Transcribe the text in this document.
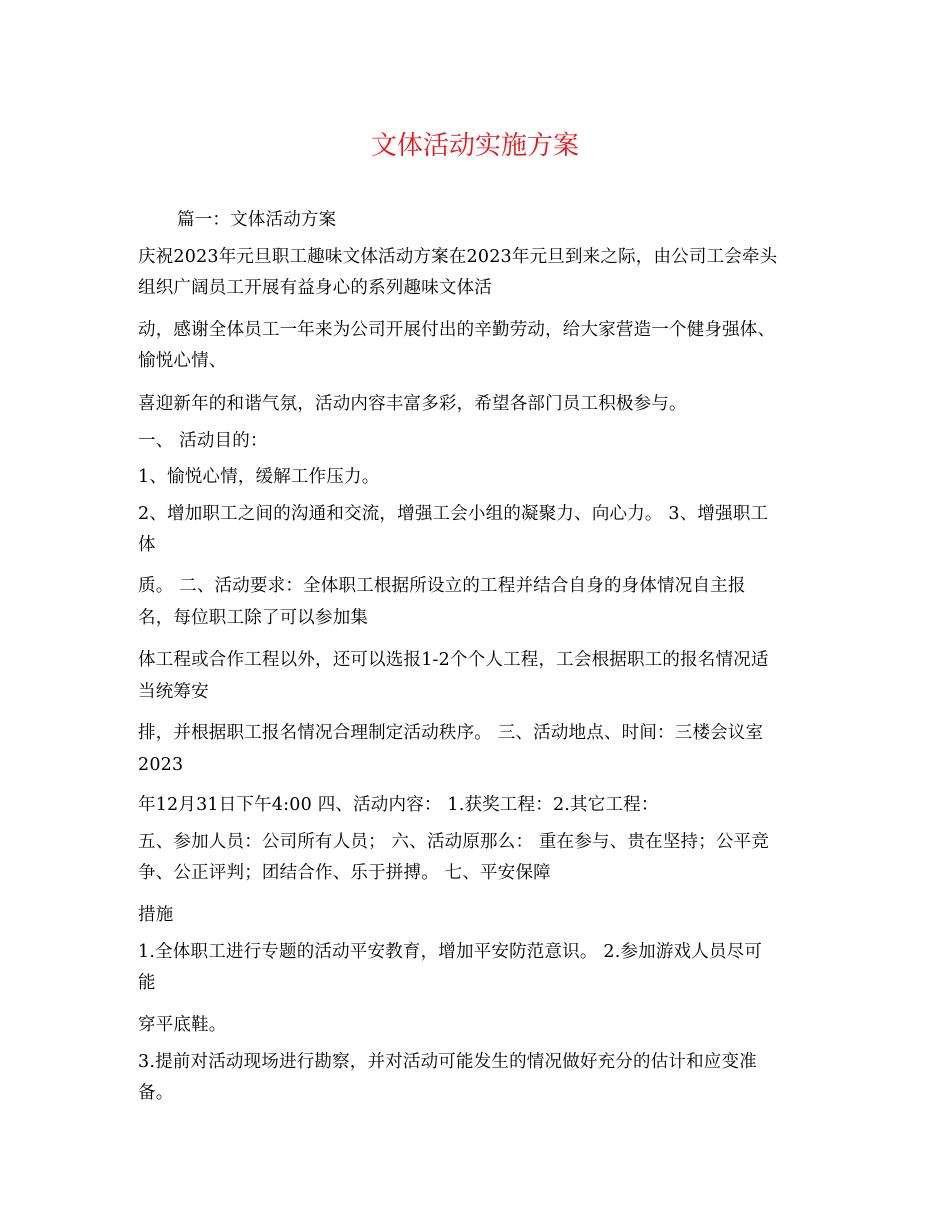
文体活动实施方案
篇一：文体活动方案
庆祝2023年元旦职工趣味文体活动方案在2023年元旦到来之际，由公司工会牵头
组织广阔员工开展有益身心的系列趣味文体活
动，感谢全体员工一年来为公司开展付出的辛勤劳动，给大家营造一个健身强体、
愉悦心情、
喜迎新年的和谐气氛，活动内容丰富多彩，希望各部门员工积极参与。
一、 活动目的：
1、愉悦心情，缓解工作压力。
2、增加职工之间的沟通和交流，增强工会小组的凝聚力、向心力。 3、增强职工
体
质。 二、活动要求：全体职工根据所设立的工程并结合自身的身体情况自主报
名，每位职工除了可以参加集
体工程或合作工程以外，还可以选报1-2个个人工程，工会根据职工的报名情况适
当统筹安
排，并根据职工报名情况合理制定活动秩序。 三、活动地点、时间：三楼会议室
2023
年12月31日下午4:00 四、活动内容： 1.获奖工程：2.其它工程：
五、参加人员：公司所有人员； 六、活动原那么： 重在参与、贵在坚持；公平竞
争、公正评判；团结合作、乐于拼搏。 七、平安保障
措施
1.全体职工进行专题的活动平安教育，增加平安防范意识。 2.参加游戏人员尽可
能
穿平底鞋。
3.提前对活动现场进行勘察，并对活动可能发生的情况做好充分的估计和应变准
备。
